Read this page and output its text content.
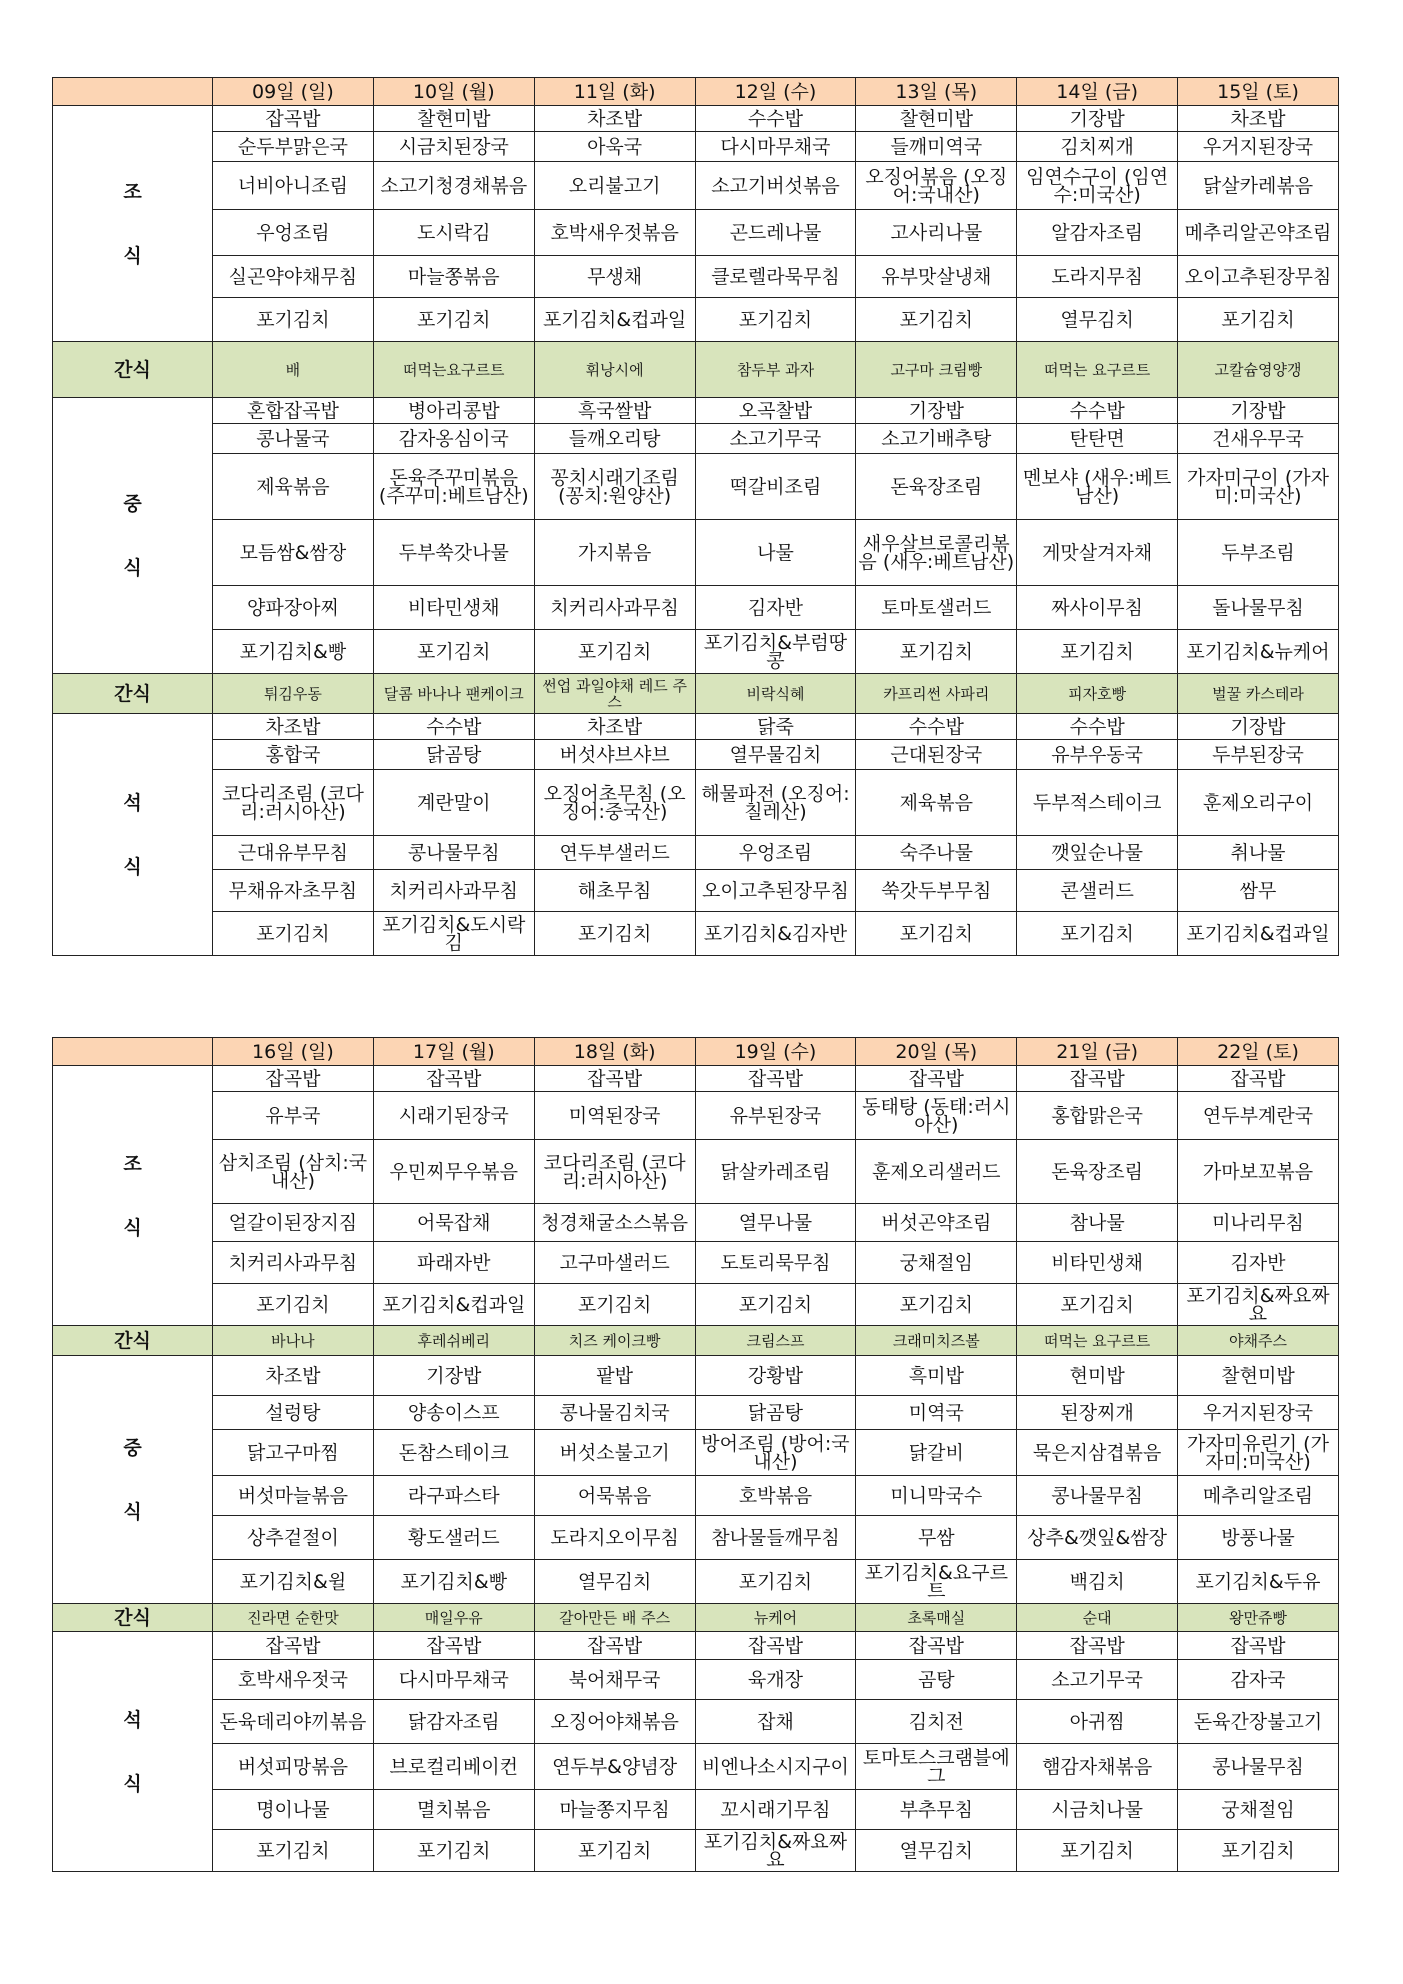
	09일 (일)	10일 (월)	11일 (화)	12일 (수)	13일 (목)	14일 (금)	15일 (토)

조
식	잡곡밥	찰현미밥	차조밥	수수밥	찰현미밥	기장밥	차조밥
	순두부맑은국	시금치된장국	아욱국	다시마무채국	들깨미역국	김치찌개	우거지된장국
	너비아니조림	소고기청경채볶음	오리불고기	소고기버섯볶음	오징어볶음 (오징어:국내산)	임연수구이 (임연수:미국산)	닭살카레볶음
	우엉조림	도시락김	호박새우젓볶음	곤드레나물	고사리나물	알감자조림	메추리알곤약조림
	실곤약야채무침	마늘쫑볶음	무생채	클로렐라묵무침	유부맛살냉채	도라지무침	오이고추된장무침
	포기김치	포기김치	포기김치&컵과일	포기김치	포기김치	열무김치	포기김치
간식	배	떠먹는요구르트	휘낭시에	참두부 과자	고구마 크림빵	떠먹는 요구르트	고칼슘영양갱

중
식	혼합잡곡밥	병아리콩밥	흑국쌀밥	오곡찰밥	기장밥	수수밥	기장밥
	콩나물국	감자옹심이국	들깨오리탕	소고기무국	소고기배추탕	탄탄면	건새우무국
	제육볶음	돈육주꾸미볶음 (주꾸미:베트남산)	꽁치시래기조림 (꽁치:원양산)	떡갈비조림	돈육장조림	멘보샤 (새우:베트남산)	가자미구이 (가자미:미국산)
	모듬쌈&쌈장	두부쑥갓나물	가지볶음	나물	새우살브로콜리볶음 (새우:베트남산)	게맛살겨자채	두부조림
	양파장아찌	비타민생채	치커리사과무침	김자반	토마토샐러드	짜사이무침	돌나물무침
	포기김치&빵	포기김치	포기김치	포기김치&부럼땅콩	포기김치	포기김치	포기김치&뉴케어
간식	튀김우동	달콤 바나나 팬케이크	썬업 과일야채 레드 주스	비락식혜	카프리썬 사파리	피자호빵	벌꿀 카스테라

석
식	차조밥	수수밥	차조밥	닭죽	수수밥	수수밥	기장밥
	홍합국	닭곰탕	버섯샤브샤브	열무물김치	근대된장국	유부우동국	두부된장국
	코다리조림 (코다리:러시아산)	계란말이	오징어초무침 (오징어:중국산)	해물파전 (오징어:칠레산)	제육볶음	두부적스테이크	훈제오리구이
	근대유부무침	콩나물무침	연두부샐러드	우엉조림	숙주나물	깻잎순나물	취나물
	무채유자초무침	치커리사과무침	해초무침	오이고추된장무침	쑥갓두부무침	콘샐러드	쌈무
	포기김치	포기김치&도시락김	포기김치	포기김치&김자반	포기김치	포기김치	포기김치&컵과일
	16일 (일)	17일 (월)	18일 (화)	19일 (수)	20일 (목)	21일 (금)	22일 (토)

조
식	잡곡밥	잡곡밥	잡곡밥	잡곡밥	잡곡밥	잡곡밥	잡곡밥
	유부국	시래기된장국	미역된장국	유부된장국	동태탕 (동태:러시아산)	홍합맑은국	연두부계란국
	삼치조림 (삼치:국내산)	우민찌무우볶음	코다리조림 (코다리:러시아산)	닭살카레조림	훈제오리샐러드	돈육장조림	가마보꼬볶음
	얼갈이된장지짐	어묵잡채	청경채굴소스볶음	열무나물	버섯곤약조림	참나물	미나리무침
	치커리사과무침	파래자반	고구마샐러드	도토리묵무침	궁채절임	비타민생채	김자반
	포기김치	포기김치&컵과일	포기김치	포기김치	포기김치	포기김치	포기김치&짜요짜요
간식	바나나	후레쉬베리	치즈 케이크빵	크림스프	크래미치즈볼	떠먹는 요구르트	야채주스

중
식	차조밥	기장밥	팥밥	강황밥	흑미밥	현미밥	찰현미밥
	설렁탕	양송이스프	콩나물김치국	닭곰탕	미역국	된장찌개	우거지된장국
	닭고구마찜	돈참스테이크	버섯소불고기	방어조림 (방어:국내산)	닭갈비	묵은지삼겹볶음	가자미유린기 (가자미:미국산)
	버섯마늘볶음	라구파스타	어묵볶음	호박볶음	미니막국수	콩나물무침	메추리알조림
	상추겉절이	황도샐러드	도라지오이무침	참나물들깨무침	무쌈	상추&깻잎&쌈장	방풍나물
	포기김치&윌	포기김치&빵	열무김치	포기김치	포기김치&요구르트	백김치	포기김치&두유
간식	진라면 순한맛	매일우유	갈아만든 배 주스	뉴케어	초록매실	순대	왕만쥬빵

석
식	잡곡밥	잡곡밥	잡곡밥	잡곡밥	잡곡밥	잡곡밥	잡곡밥
	호박새우젓국	다시마무채국	북어채무국	육개장	곰탕	소고기무국	감자국
	돈육데리야끼볶음	닭감자조림	오징어야채볶음	잡채	김치전	아귀찜	돈육간장불고기
	버섯피망볶음	브로컬리베이컨	연두부&양념장	비엔나소시지구이	토마토스크램블에그	햄감자채볶음	콩나물무침
	명이나물	멸치볶음	마늘쫑지무침	꼬시래기무침	부추무침	시금치나물	궁채절임
	포기김치	포기김치	포기김치	포기김치&짜요짜요	열무김치	포기김치	포기김치
